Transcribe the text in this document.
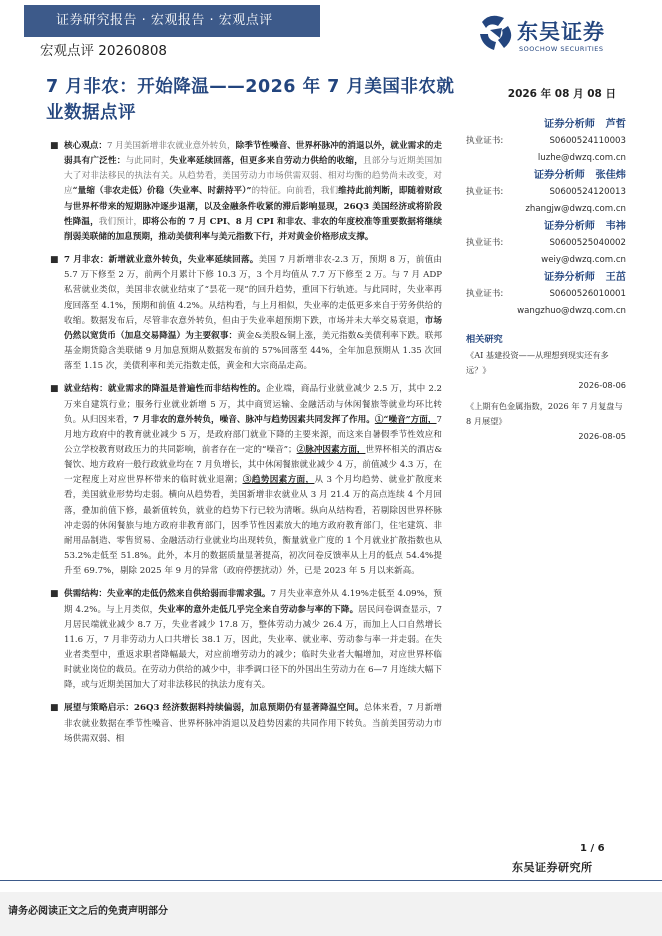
证券研究报告 · 宏观报告 · 宏观点评
宏观点评 20260808
东吴证券
SOOCHOW SECURITIES
7 月非农：开始降温——2026 年 7 月美国非农就业数据点评
2026 年 08 月 08 日
■ 核心观点：7 月美国新增非农就业意外转负，除季节性噪音、世界杯脉冲的消退以外，就业需求的走弱具有广泛性：与此同时，失业率延续回落，但更多来自劳动力供给的收缩，且部分与近期美国加大了对非法移民的执法有关。从趋势看，美国劳动力市场供需双弱、相对均衡的趋势尚未改变，对应“量缩（非农走低）价稳（失业率、时薪持平）”的特征。向前看，我们维持此前判断，即随着财政与世界杯带来的短期脉冲逐步退潮，以及金融条件收紧的滞后影响显现，26Q3 美国经济或将阶段性降温，我们预计，即将公布的 7 月 CPI、8 月 CPI 和非农、非农的年度校准等重要数据将继续削弱美联储的加息预期，推动美债利率与美元指数下行，并对黄金价格形成支撑。
■ 7 月非农：新增就业意外转负，失业率延续回落。美国 7 月新增非农-2.3 万，预期 8 万，前值由 5.7 万下修至 2 万，前两个月累计下修 10.3 万，3 个月均值从 7.7 万下修至 2 万。与 7 月 ADP 私营就业类似，美国非农就业结束了“昙花一现”的回升趋势，重回下行轨迹。与此同时，失业率再度回落至 4.1%，预期和前值 4.2%。从结构看，与上月相似，失业率的走低更多来自于劳务供给的收缩。数据发布后，尽管非农意外转负，但由于失业率超预期下跌，市场并未大举交易衰退，市场仍然以宽货币（加息交易降温）为主要叙事：黄金&美股&铜上涨，美元指数&美债利率下跌。联邦基金期货隐含美联储 9 月加息预期从数据发布前的 57%回落至 44%，全年加息预期从 1.35 次回落至 1.15 次，美债利率和美元指数走低，黄金和大宗商品走高。
■ 就业结构：就业需求的降温是普遍性而非结构性的。企业端，商品行业就业减少 2.5 万，其中 2.2 万来自建筑行业；服务行业就业新增 5 万，其中商贸运输、金融活动与休闲餐旅等就业均环比转负。从归因来看，7 月非农的意外转负，噪音、脉冲与趋势因素共同发挥了作用。①“噪音”方面，7 月地方政府中的教育就业减少 5 万，是政府部门就业下降的主要来源，而这来自暑假季节性效应和公立学校教育财政压力的共同影响，前者存在一定的“噪音”；②脉冲因素方面，世界杯相关的酒店&餐饮、地方政府一般行政就业均在 7 月负增长，其中休闲餐旅就业减少 4 万，前值减少 4.3 万，在一定程度上对应世界杯带来的临时就业退潮；③趋势因素方面，从 3 个月均趋势、就业扩散度来看，美国就业形势均走弱。横向从趋势看，美国新增非农就业从 3 月 21.4 万的高点连续 4 个月回落，叠加前值下修，最新值转负，就业的趋势下行已较为清晰。纵向从结构看，若剔除因世界杯脉冲走弱的休闲餐旅与地方政府非教育部门，因季节性因素放大的地方政府教育部门，住宅建筑、非耐用品制造、零售贸易、金融活动行业就业均出现转负，衡量就业广度的 1 个月就业扩散指数也从 53.2%走低至 51.8%。此外，本月的数据质量显著提高，初次问卷反馈率从上月的低点 54.4%提升至 69.7%，剔除 2025 年 9 月的异常（政府停摆扰动）外，已是 2023 年 5 月以来新高。
■ 供需结构：失业率的走低仍然来自供给弱而非需求强。7 月失业率意外从 4.19%走低至 4.09%，预期 4.2%。与上月类似，失业率的意外走低几乎完全来自劳动参与率的下降。居民问卷调查显示，7 月居民端就业减少 8.7 万，失业者减少 17.8 万，整体劳动力减少 26.4 万，而加上人口自然增长 11.6 万，7 月非劳动力人口共增长 38.1 万，因此，失业率、就业率、劳动参与率一并走弱。在失业者类型中，重返求职者降幅最大，对应前增劳动力的减少；临时失业者大幅增加，对应世界杯临时就业岗位的裁员。在劳动力供给的减少中，非季调口径下的外国出生劳动力在 6—7 月连续大幅下降，或与近期美国加大了对非法移民的执法力度有关。
■ 展望与策略启示：26Q3 经济数据料持续偏弱，加息预期仍有显著降温空间。总体来看，7 月新增非农就业数据在季节性噪音、世界杯脉冲消退以及趋势因素的共同作用下转负。当前美国劳动力市场供需双弱、相
证券分析师 芦哲
执业证书:	S0600524110003
luzhe@dwzq.com.cn
证券分析师 张佳炜
执业证书:	S0600524120013
zhangjw@dwzq.com.cn
证券分析师 韦祎
执业证书:	S0600525040002
weiy@dwzq.com.cn
证券分析师 王茁
执业证书:	S0600526010001
wangzhuo@dwzq.com.cn
相关研究
《AI 基建投资——从理想到现实还有多远？》
2026-08-06
《上期有色金属指数，2026 年 7 月复盘与 8 月展望》
2026-08-05
1 / 6
东吴证券研究所
请务必阅读正文之后的免责声明部分
